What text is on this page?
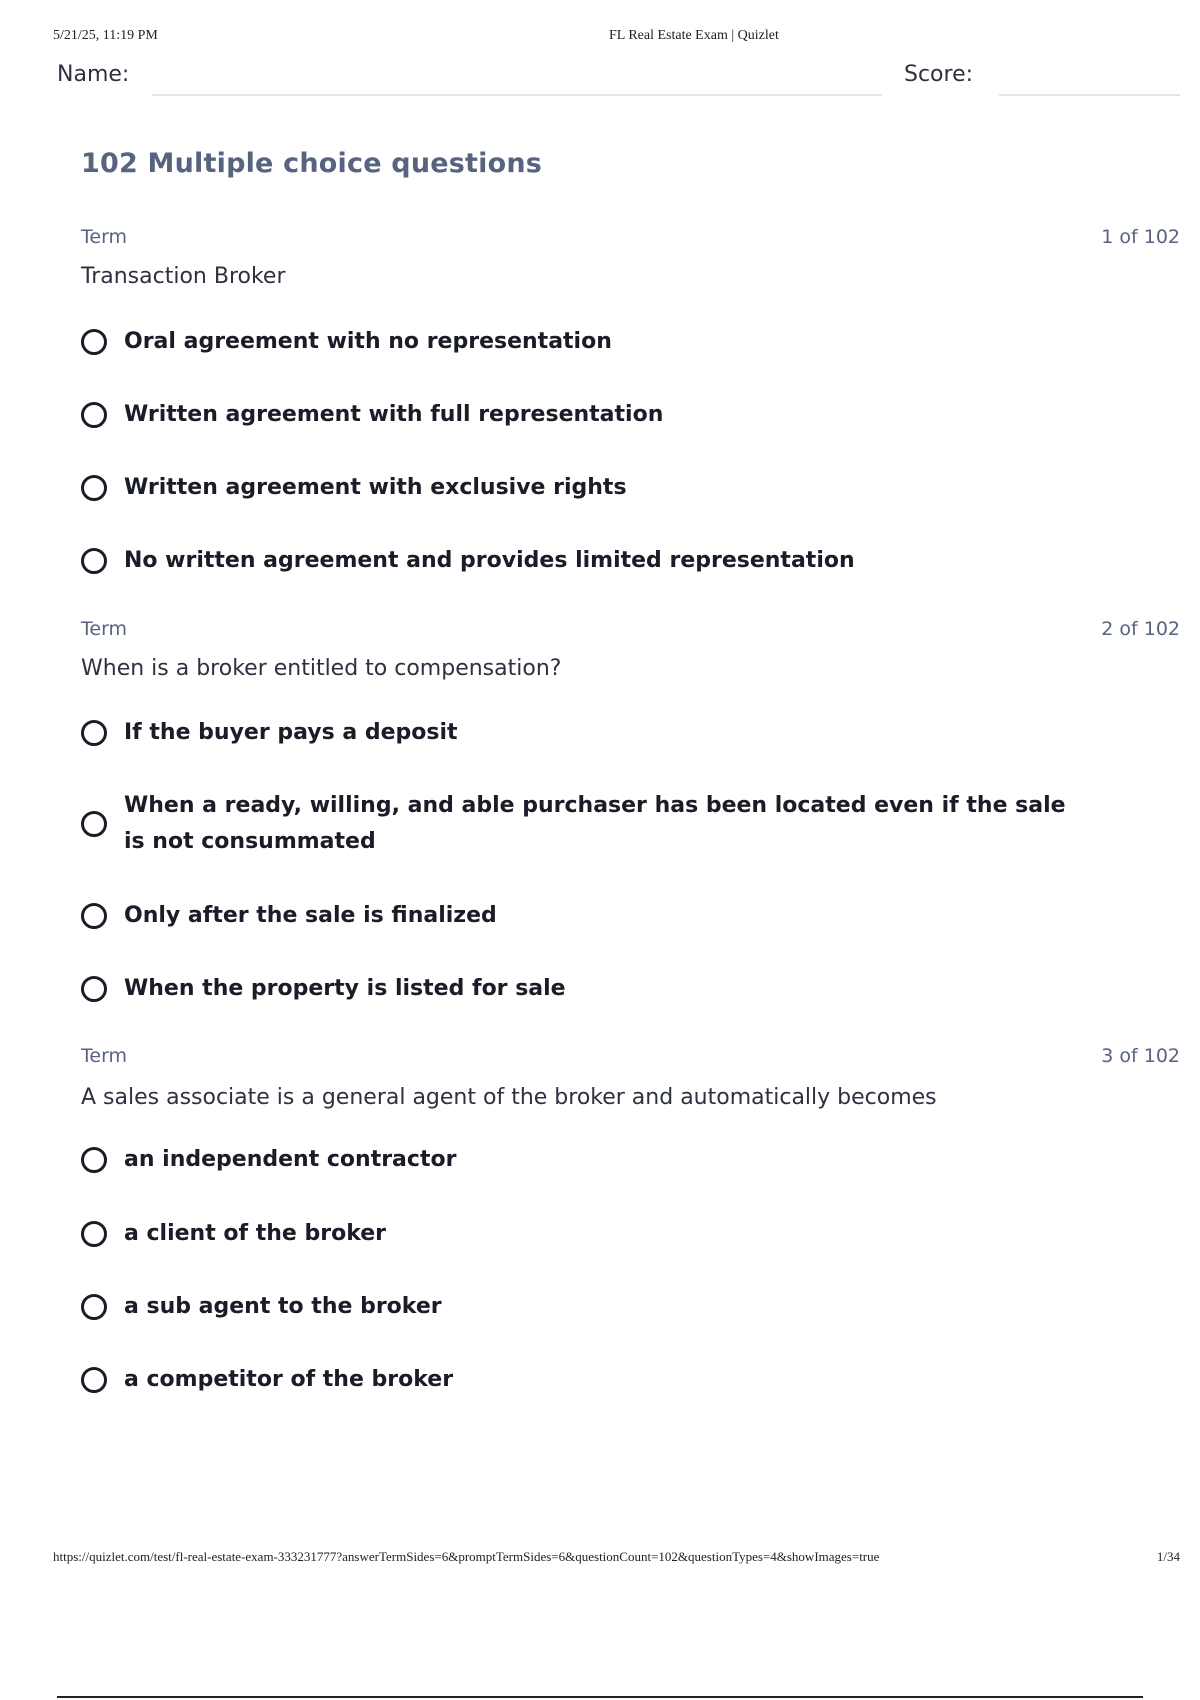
5/21/25, 11:19 PM	FL Real Estate Exam | Quizlet
Name:	Score:
102 Multiple choice questions
Term	1 of 102
Transaction Broker
Oral agreement with no representation
Written agreement with full representation
Written agreement with exclusive rights
No written agreement and provides limited representation
Term	2 of 102
When is a broker entitled to compensation?
If the buyer pays a deposit
When a ready, willing, and able purchaser has been located even if the sale is not consummated
Only after the sale is finalized
When the property is listed for sale
Term	3 of 102
A sales associate is a general agent of the broker and automatically becomes
an independent contractor
a client of the broker
a sub agent to the broker
a competitor of the broker
https://quizlet.com/test/fl-real-estate-exam-333231777?answerTermSides=6&promptTermSides=6&questionCount=102&questionTypes=4&showImages=true	1/34
